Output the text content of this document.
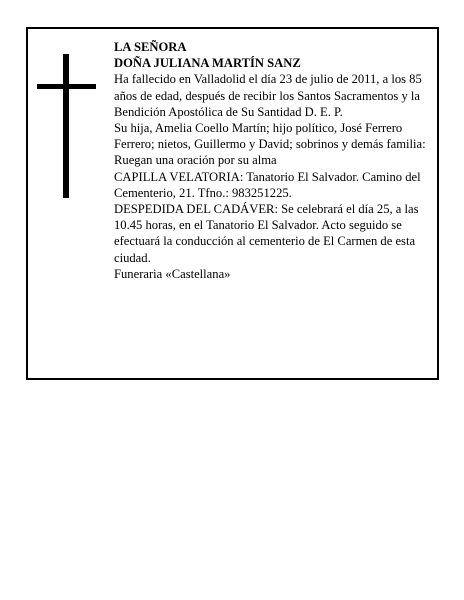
LA SEÑORA

DOÑA JULIANA MARTÍN SANZ

Ha fallecido en Valladolid el día 23 de julio de 2011, a los 85 años de edad, después de recibir los Santos Sacramentos y la Bendición Apostólica de Su Santidad D. E. P.

Su hija, Amelia Coello Martín; hijo político, José Ferrero Ferrero; nietos, Guillermo y David; sobrinos y demás familia:

Ruegan una oración por su alma

CAPILLA VELATORIA: Tanatorio El Salvador. Camino del Cementerio, 21. Tfno.: 983251225.

DESPEDIDA DEL CADÁVER: Se celebrará el día 25, a las 10.45 horas, en el Tanatorio El Salvador. Acto seguido se efectuará la conducción al cementerio de El Carmen de esta ciudad.

Funeraria «Castellana»
